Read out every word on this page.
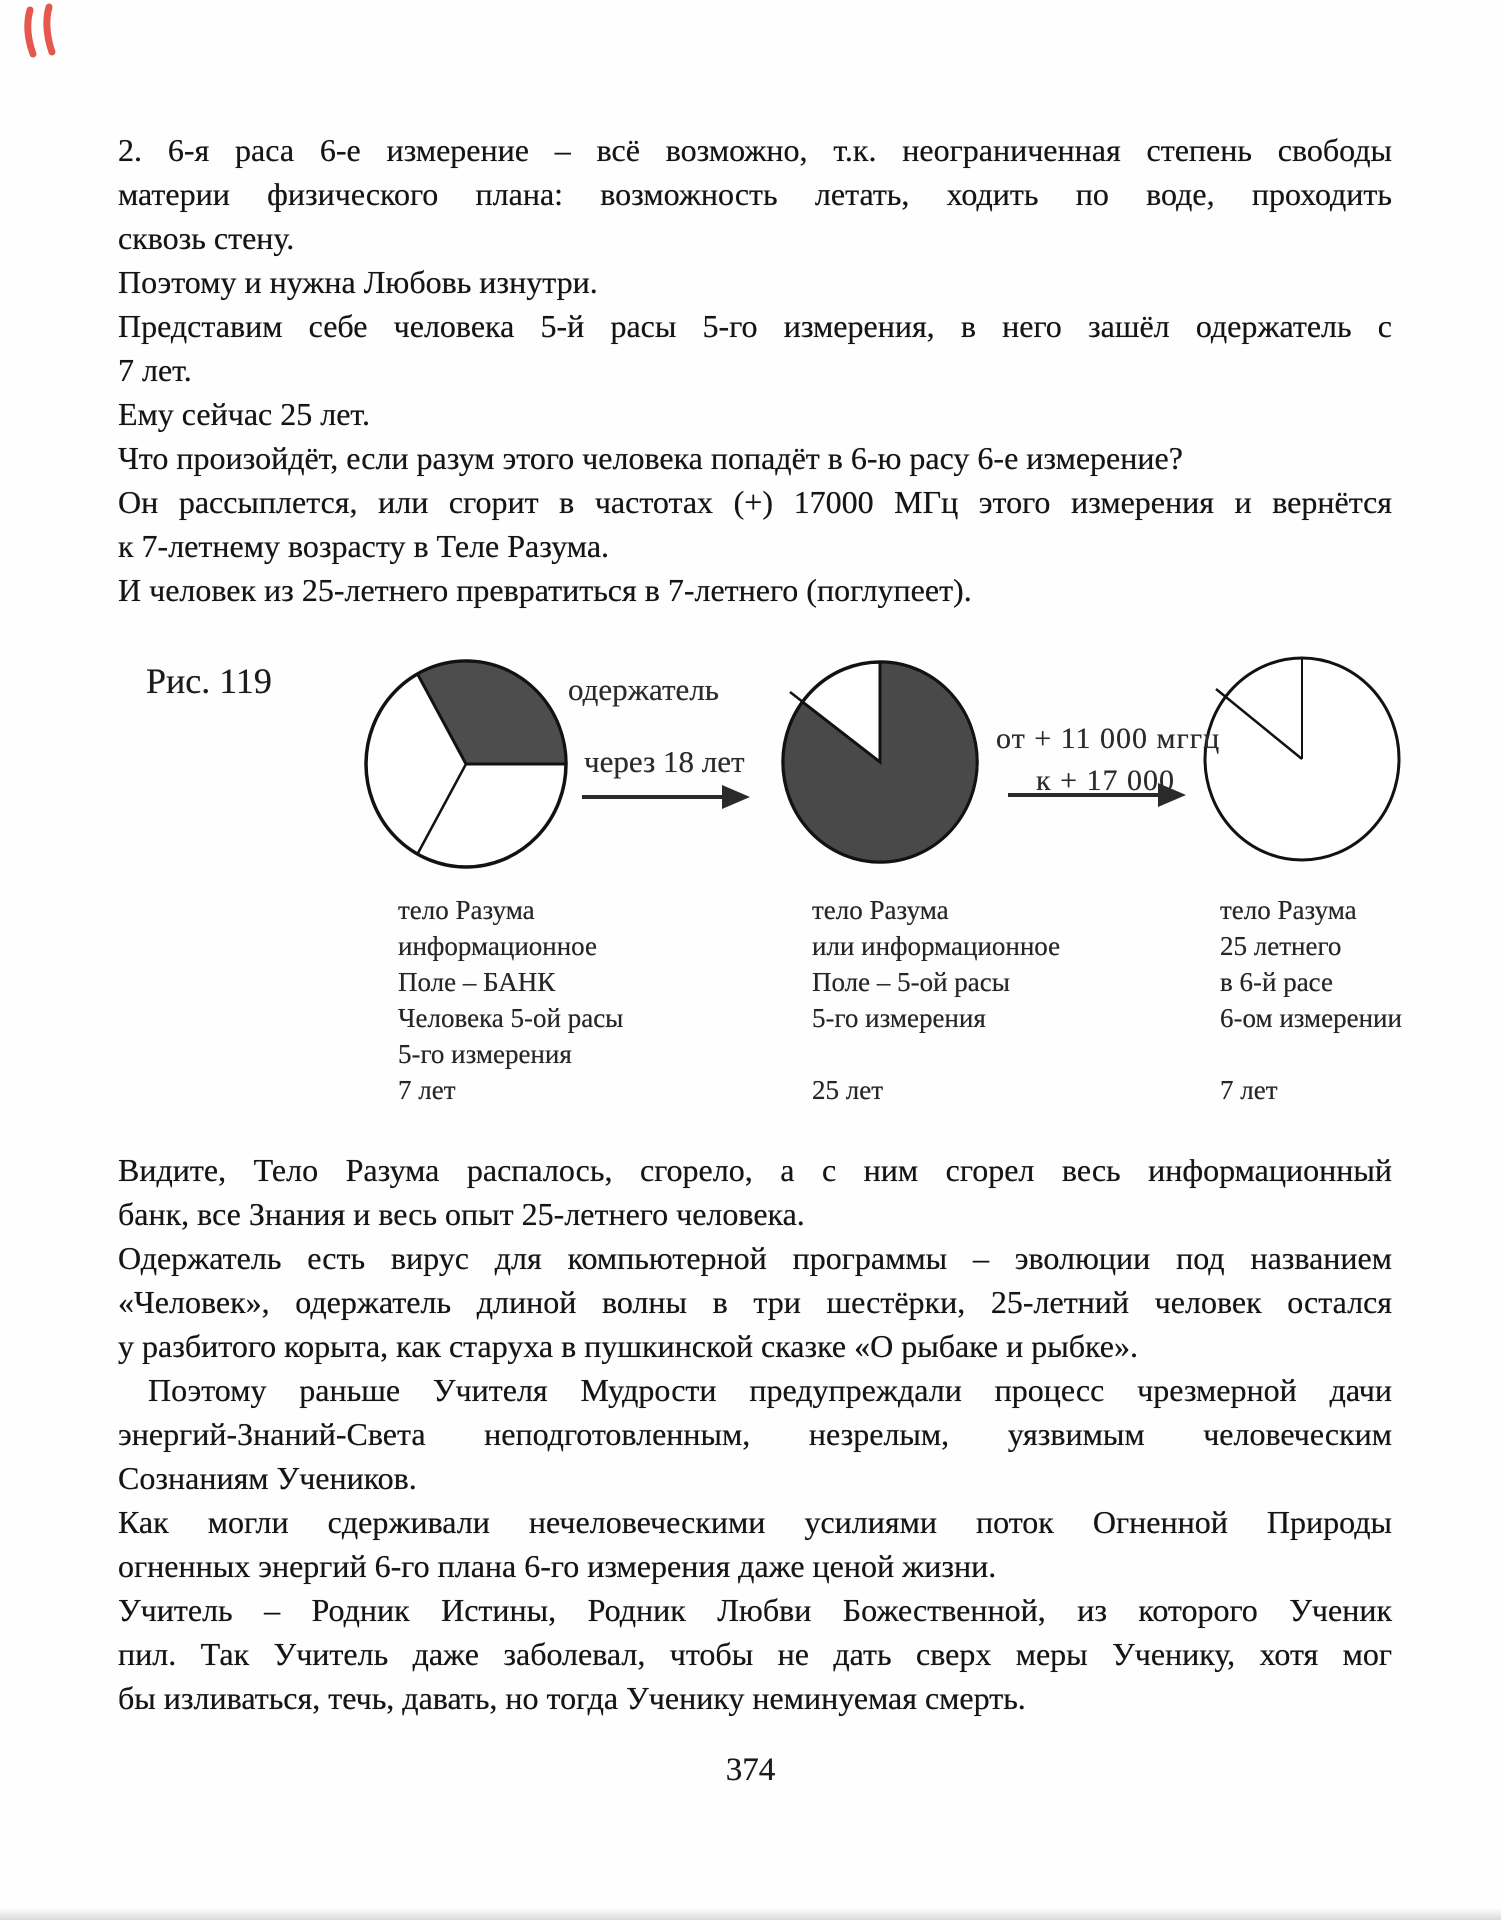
2. 6-я раса 6-е измерение – всё возможно, т.к. неограниченная степень свободы
материи физического плана: возможность летать, ходить по воде, проходить
сквозь стену.
Поэтому и нужна Любовь изнутри.
Представим себе человека 5-й расы 5-го измерения, в него зашёл одержатель с
7 лет.
Ему сейчас 25 лет.
Что произойдёт, если разум этого человека попадёт в 6-ю расу 6-е измерение?
Он рассыплется, или сгорит в частотах (+) 17000 МГц этого измерения и вернётся
к 7-летнему возрасту в Теле Разума.
И человек из 25-летнего превратиться в 7-летнего (поглупеет).
Рис. 119	одержатель
через 18 лет
от + 11 000 мггц
к + 17 000
тело Разума
информационное
Поле – БАНК
Человека 5-ой расы
5-го измерения
7 лет
тело Разума
или информационное
Поле – 5-ой расы
5-го измерения
25 лет
тело Разума
25 летнего
в 6-й расе
6-ом измерении
7 лет
Видите, Тело Разума распалось, сгорело, а с ним сгорел весь информационный
банк, все Знания и весь опыт 25-летнего человека.
Одержатель есть вирус для компьютерной программы – эволюции под названием
«Человек», одержатель длиной волны в три шестёрки, 25-летний человек остался
у разбитого корыта, как старуха в пушкинской сказке «О рыбаке и рыбке».
Поэтому раньше Учителя Мудрости предупреждали процесс чрезмерной дачи
энергий-Знаний-Света неподготовленным, незрелым, уязвимым человеческим
Сознаниям Учеников.
Как могли сдерживали нечеловеческими усилиями поток Огненной Природы
огненных энергий 6-го плана 6-го измерения даже ценой жизни.
Учитель – Родник Истины, Родник Любви Божественной, из которого Ученик
пил. Так Учитель даже заболевал, чтобы не дать сверх меры Ученику, хотя мог
бы изливаться, течь, давать, но тогда Ученику неминуемая смерть.
374
